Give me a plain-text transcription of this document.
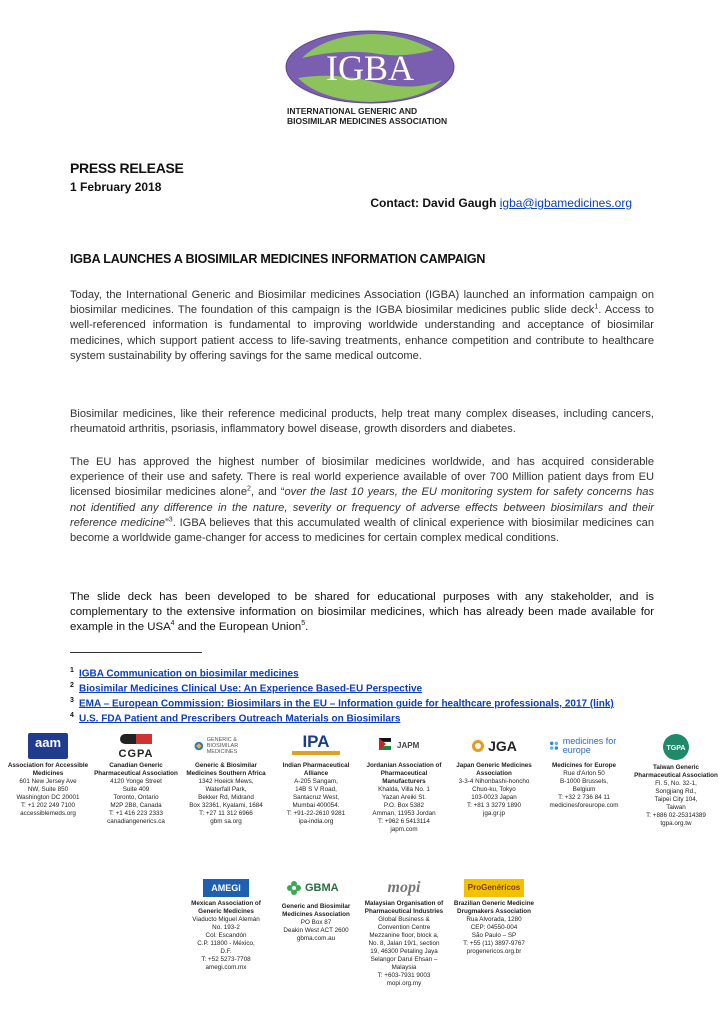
IGBA
INTERNATIONAL GENERIC AND
BIOSIMILAR MEDICINES ASSOCIATION
PRESS RELEASE
1 February 2018
Contact: David Gaugh igba@igbamedicines.org
IGBA LAUNCHES A BIOSIMILAR MEDICINES INFORMATION CAMPAIGN
Today, the International Generic and Biosimilar medicines Association (IGBA) launched an information campaign on biosimilar medicines. The foundation of this campaign is the IGBA biosimilar medicines public slide deck$^1$. Access to well-referenced information is fundamental to improving worldwide understanding and acceptance of biosimilar medicines, which support patient access to life-saving treatments, enhance competition and contribute to healthcare system sustainability by offering savings for the same medical outcome.
Biosimilar medicines, like their reference medicinal products, help treat many complex diseases, including cancers, rheumatoid arthritis, psoriasis, inflammatory bowel disease, growth disorders and diabetes.
The EU has approved the highest number of biosimilar medicines worldwide, and has acquired considerable experience of their use and safety. There is real world experience available of over 700 Million patient days from EU licensed biosimilar medicines alone$^2$, and “over the last 10 years, the EU monitoring system for safety concerns has not identified any difference in the nature, severity or frequency of adverse effects between biosimilars and their reference medicine”$^3$. IGBA believes that this accumulated wealth of clinical experience with biosimilar medicines can become a worldwide game-changer for access to medicines for certain complex medical conditions.
The slide deck has been developed to be shared for educational purposes with any stakeholder, and is complementary to the extensive information on biosimilar medicines, which has already been made available for example in the USA$^4$ and the European Union$^5$.
$^1$ IGBA Communication on biosimilar medicines
$^2$ Biosimilar Medicines Clinical Use: An Experience Based-EU Perspective
$^3$ EMA – European Commission: Biosimilars in the EU – Information guide for healthcare professionals, 2017 (link)
$^4$ U.S. FDA Patient and Prescribers Outreach Materials on Biosimilars
aam
Association for Accessible Medicines
601 New Jersey Ave
NW, Suite 850
Washington DC 20001
T: +1 202 249 7100
accessiblemeds.org
CGPA
Canadian Generic Pharmaceutical Association
4120 Yonge Street
Suite 409
Toronto, Ontario
M2P 2B8, Canada
T: +1 416 223 2333
canadiangenerics.ca
GENERIC & BIOSIMILAR MEDICINES
Generic & Biosimilar Medicines Southern Africa
1342 Hoeick Mews,
Waterfall Park,
Bekker Rd, Midrand
Box 32361, Kyalami, 1684
T: +27 11 312 6966
gbm sa.org
IPA
Indian Pharmaceutical Alliance
A-205 Sangam,
14B S V Road,
Santacruz West,
Mumbai 400054.
T: +91-22-2610 9281
ipa-india.org
JAPM
Jordanian Association of Pharmaceutical Manufacturers
Khalda, Villa No. 1
Yazan Areiki St.
P.O. Box 5382
Amman, 11953 Jordan
T: +962 6 5413114
japm.com
JGA
Japan Generic Medicines Association
3-3-4 Nihonbashi-honcho
Chuo-ku, Tokyo
103-0023 Japan
T: +81 3 3279 1890
jga.gr.jp
medicines for europe
Medicines for Europe
Rue d'Arlon 50
B-1000 Brussels,
Belgium
T: +32 2 736 84 11
medicinesforeurope.com
TGPA
Taiwan Generic Pharmaceutical Association
Fl. 5, No. 32-1,
Songjiang Rd.,
Taipei City 104,
Taiwan
T: +886 02-25314389
tgpa.org.tw
AMEGI
Mexican Association of Generic Medicines
Viaducto Miguel Alemán
No. 193-2
Col. Escandón
C.P. 11800 - México,
D.F.
T: +52 5273-7708
amegi.com.mx
GBMA
Generic and Biosimilar Medicines Association
PO Box 87
Deakin West ACT 2600
gbma.com.au
mopi
Malaysian Organisation of Pharmaceutical Industries
Global Business &
Convention Centre
Mezzanine floor, block a,
No. 8, Jalan 19/1, section
19, 46300 Petaling Jaya
Selangor Darul Ehsan –
Malaysia
T: +603-7931 9003
mopi.org.my
ProGenéricos
Brazilian Generic Medicine Drugmakers Association
Rua Alvorada, 1280
CEP: 04550-004
São Paulo – SP
T: +55 (11) 3897-9767
progenericos.org.br
